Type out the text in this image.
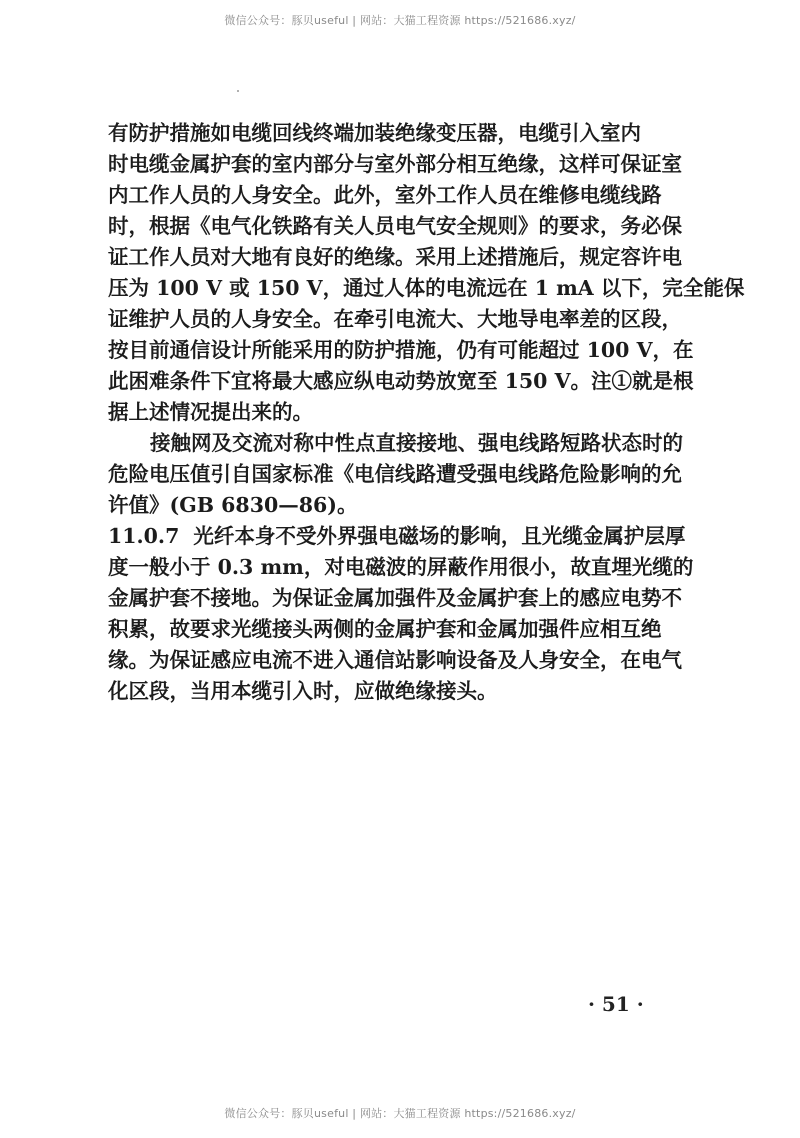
微信公众号：豚贝useful | 网站：大猫工程资源 https://521686.xyz/
有防护措施如电缆回线终端加装绝缘变压器，电缆引入室内
时电缆金属护套的室内部分与室外部分相互绝缘，这样可保证室
内工作人员的人身安全。此外，室外工作人员在维修电缆线路
时，根据《电气化铁路有关人员电气安全规则》的要求，务必保
证工作人员对大地有良好的绝缘。采用上述措施后，规定容许电
压为 100 V 或 150 V，通过人体的电流远在 1 mA 以下，完全能保
证维护人员的人身安全。在牵引电流大、大地导电率差的区段，
按目前通信设计所能采用的防护措施，仍有可能超过 100 V，在
此困难条件下宜将最大感应纵电动势放宽至 150 V。注①就是根
据上述情况提出来的。
接触网及交流对称中性点直接接地、强电线路短路状态时的
危险电压值引自国家标准《电信线路遭受强电线路危险影响的允
许值》(GB 6830—86)。
11.0.7 光纤本身不受外界强电磁场的影响，且光缆金属护层厚
度一般小于 0.3 mm，对电磁波的屏蔽作用很小，故直埋光缆的
金属护套不接地。为保证金属加强件及金属护套上的感应电势不
积累，故要求光缆接头两侧的金属护套和金属加强件应相互绝
缘。为保证感应电流不进入通信站影响设备及人身安全，在电气
化区段，当用本缆引入时，应做绝缘接头。
· 51 ·
微信公众号：豚贝useful | 网站：大猫工程资源 https://521686.xyz/
